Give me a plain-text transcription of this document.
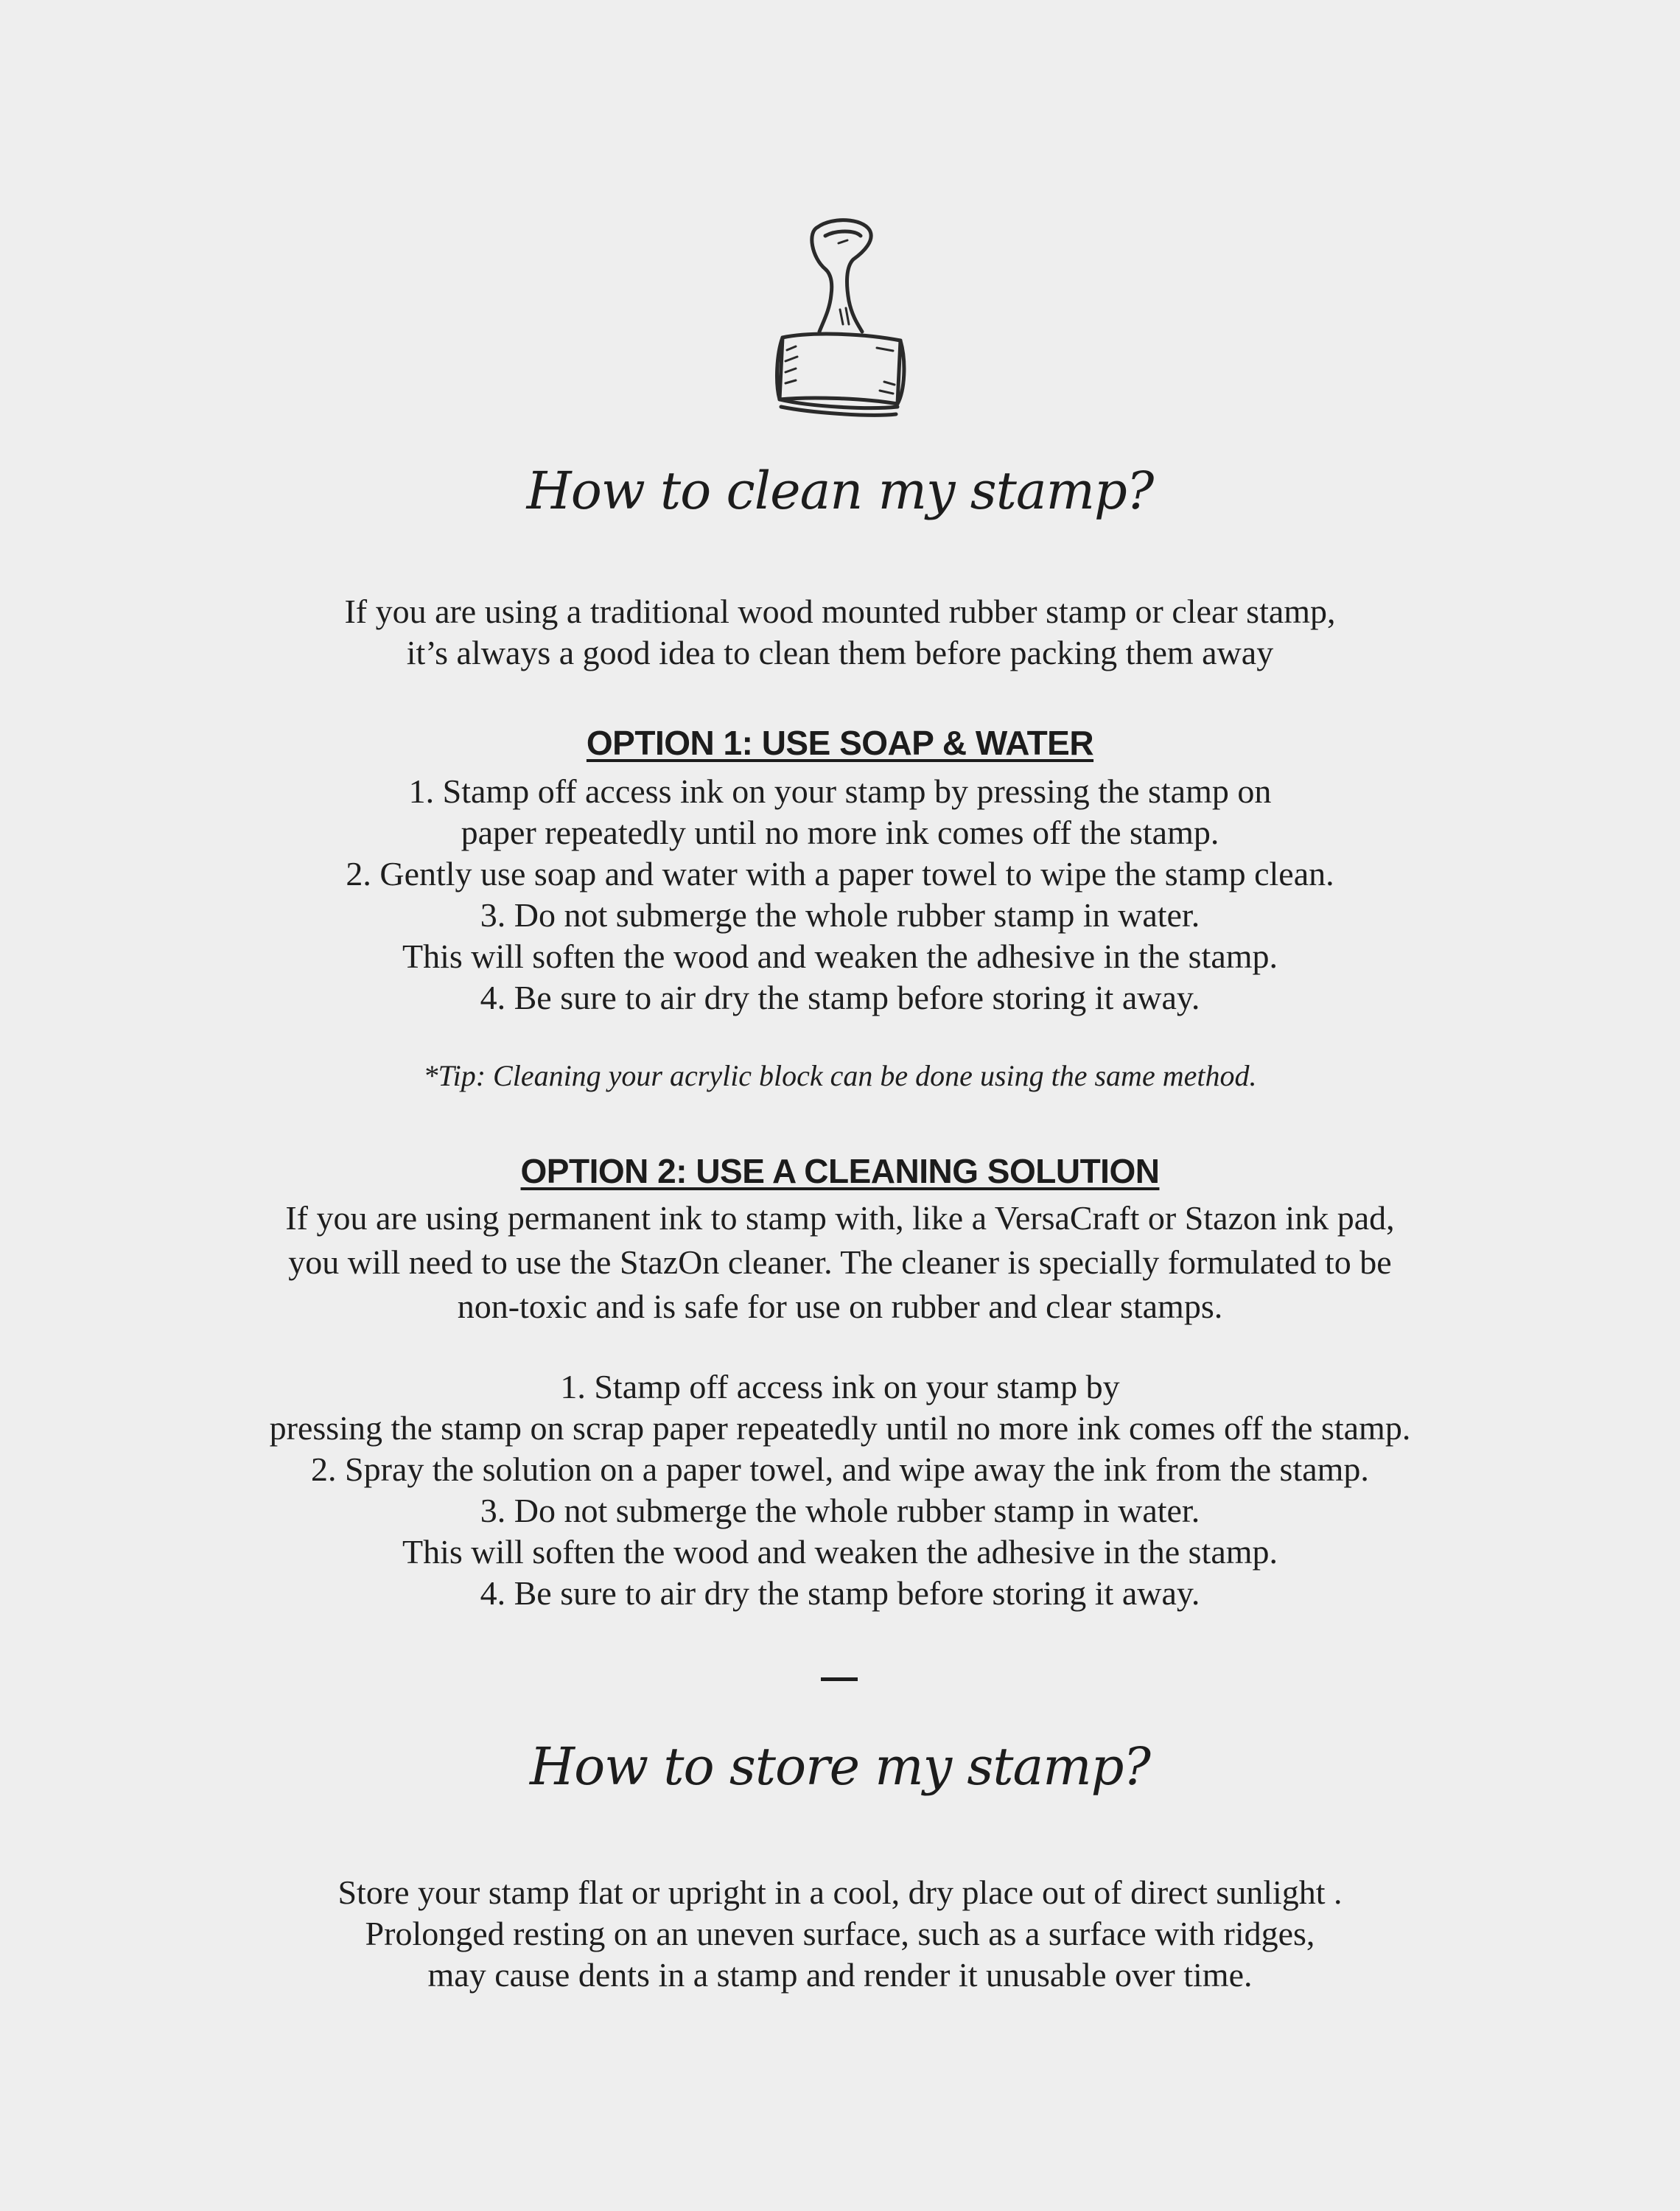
How to clean my stamp?
If you are using a traditional wood mounted rubber stamp or clear stamp,
it’s always a good idea to clean them before packing them away
OPTION 1: USE SOAP & WATER
1. Stamp off access ink on your stamp by pressing the stamp on
paper repeatedly until no more ink comes off the stamp.
2. Gently use soap and water with a paper towel to wipe the stamp clean.
3. Do not submerge the whole rubber stamp in water.
This will soften the wood and weaken the adhesive in the stamp.
4. Be sure to air dry the stamp before storing it away.
*Tip: Cleaning your acrylic block can be done using the same method.
OPTION 2: USE A CLEANING SOLUTION
If you are using permanent ink to stamp with, like a VersaCraft or Stazon ink pad,
you will need to use the StazOn cleaner. The cleaner is specially formulated to be
non-toxic and is safe for use on rubber and clear stamps.
1. Stamp off access ink on your stamp by
pressing the stamp on scrap paper repeatedly until no more ink comes off the stamp.
2. Spray the solution on a paper towel, and wipe away the ink from the stamp.
3. Do not submerge the whole rubber stamp in water.
This will soften the wood and weaken the adhesive in the stamp.
4. Be sure to air dry the stamp before storing it away.
How to store my stamp?
Store your stamp flat or upright in a cool, dry place out of direct sunlight .
Prolonged resting on an uneven surface, such as a surface with ridges,
may cause dents in a stamp and render it unusable over time.
